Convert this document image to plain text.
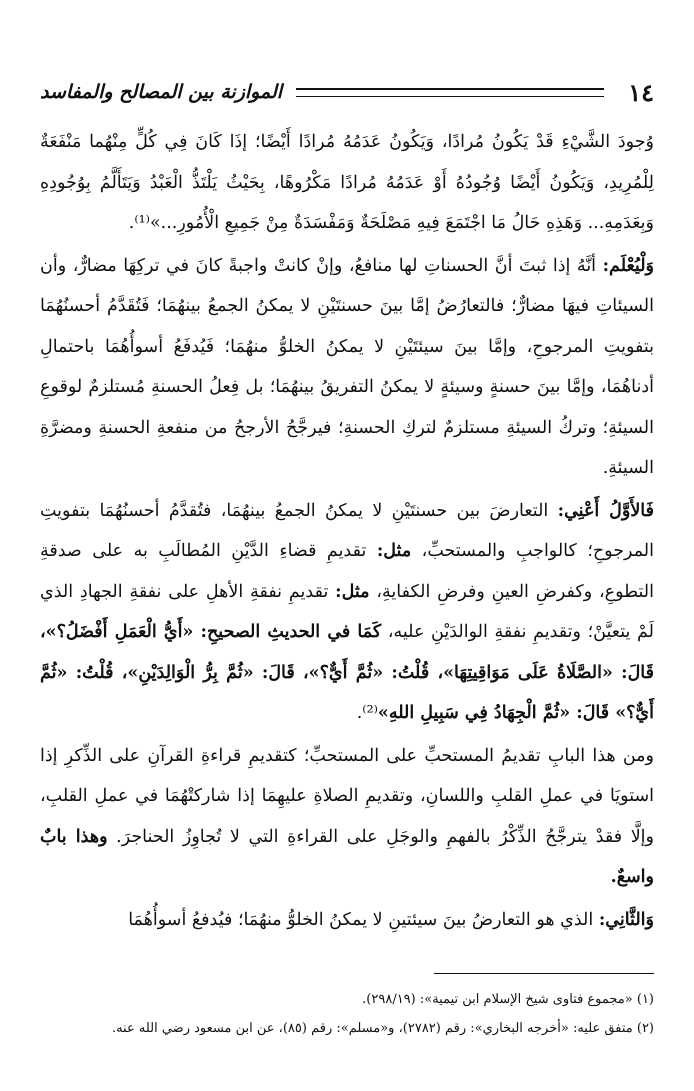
١٤
الموازنة بين المصالح والمفاسد

وُجودَ الشَّيْءِ قَدْ يَكُونُ مُرادًا، وَيَكُونُ عَدَمُهُ مُرادًا أَيْضًا؛ إذَا كَانَ فِي كُلٍّ مِنْهُما مَنْفَعَةٌ لِلْمُرِيدِ، وَيَكُونُ أَيْضًا وُجُودُهُ أَوْ عَدَمُهُ مُرادًا مَكْرُوهًا، بِحَيْثُ يَلْتَذُّ الْعَبْدُ وَيَتَأَلَّمُ بِوُجُودِهِ وَبِعَدَمِهِ... وَهَذِهِ حَالُ مَا اجْتَمَعَ فِيهِ مَصْلَحَةٌ وَمَفْسَدَةٌ مِنْ جَمِيعِ الْأُمُورِ...»⁽¹⁾.

وَلْيُعْلَم: أنَّهُ إذا ثبتَ أنَّ الحسناتِ لها منافعُ، وإنْ كانتْ واجبةً كانَ في تركِهَا مضارٌّ، وأن السيئاتِ فيهَا مضارٌّ؛ فالتعارُضُ إمَّا بينَ حسنتَيْنِ لا يمكنُ الجمعُ بينهُمَا؛ فَتُقَدَّمُ أحسنُهُمَا بتفويتِ المرجوحِ، وإمَّا بينَ سيئتَيْنِ لا يمكنُ الخلوُّ منهُمَا؛ فَيُدفَعُ أسوأُهُمَا باحتمالِ أدناهُمَا، وإمَّا بينَ حسنةٍ وسيئةٍ لا يمكنُ التفريقُ بينهُمَا؛ بل فِعلُ الحسنةِ مُستلزمٌ لوقوعِ السيئةِ؛ وتركُ السيئةِ مستلزمٌ لتركِ الحسنةِ؛ فيرجَّحُ الأرجحُ من منفعةِ الحسنةِ ومضرَّةِ السيئةِ.

فَالأَوَّلُ أَعْنِي: التعارضَ بين حسنتَيْنِ لا يمكنُ الجمعُ بينهُمَا، فتُقدَّمُ أحسنُهُمَا بتفويتِ المرجوحِ؛ كالواجبِ والمستحبِّ، مثل: تقديمِ قضاءِ الدَّيْنِ المُطالَبِ به على صدقةِ التطوعِ، وكفرضِ العينِ وفرضِ الكفايةِ، مثل: تقديمِ نفقةِ الأهلِ على نفقةِ الجهادِ الذي لَمْ يتعيَّنْ؛ وتقديمِ نفقةِ الوالدَيْنِ عليه، كَمَا في الحديثِ الصحيحِ: «أَيُّ الْعَمَلِ أَفْضَلُ؟»، قَالَ: «الصَّلَاةُ عَلَى مَوَاقِيتِهَا»، قُلْتُ: «ثُمَّ أَيٌّ؟»، قَالَ: «ثُمَّ بِرُّ الْوَالِدَيْنِ»، قُلْتُ: «ثُمَّ أَيٌّ؟» قَالَ: «ثُمَّ الْجِهَادُ فِي سَبِيلِ اللهِ»⁽²⁾.

ومن هذا البابِ تقديمُ المستحبِّ على المستحبِّ؛ كتقديمِ قراءةِ القرآنِ على الذِّكرِ إذا استويَا في عملِ القلبِ واللسانِ، وتقديمِ الصلاةِ عليهِمَا إذا شاركتْهُمَا في عملِ القلبِ، وإلَّا فقدْ يترجَّحُ الذِّكْرُ بالفهمِ والوجَلِ على القراءةِ التي لا تُجاوِزُ الحناجرَ. وهذا بابٌ واسعٌ.

وَالثَّانِي: الذي هو التعارضُ بينَ سيئتينِ لا يمكنُ الخلوُّ منهُمَا؛ فيُدفعُ أسوأُهُمَا

(١) «مجموع فتاوى شيخ الإسلام ابن تيمية»: (٢٩٨/١٩).

(٢) متفق عليه: «أخرجه البخاري»: رقم (٢٧٨٢)، و«مسلم»: رقم (٨٥)، عن ابن مسعود رضي الله عنه.
